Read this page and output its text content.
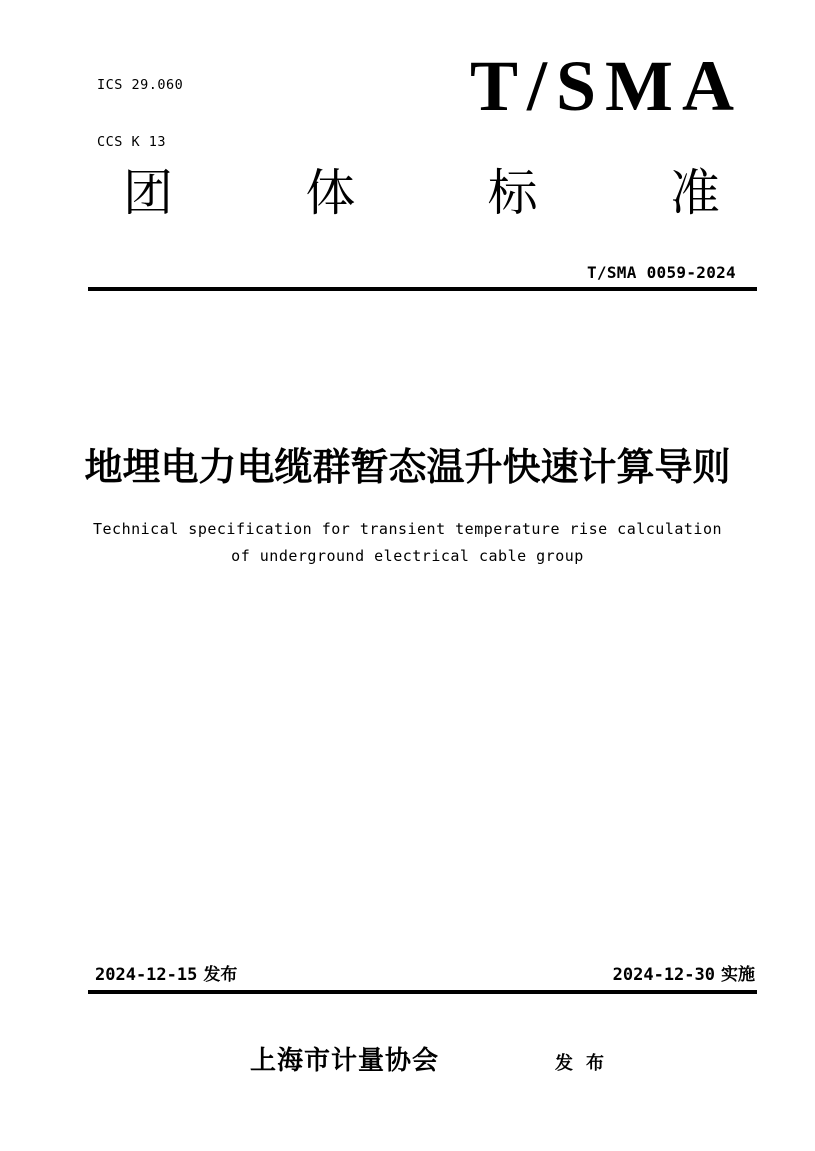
ICS 29.060

CCS K 13

T/SMA
团	体	标	准
T/SMA 0059-2024
地埋电力电缆群暂态温升快速计算导则
Technical specification for transient temperature rise calculation
of underground electrical cable group
2024-12-15 发布	2024-12-30 实施
上海市计量协会	发 布
